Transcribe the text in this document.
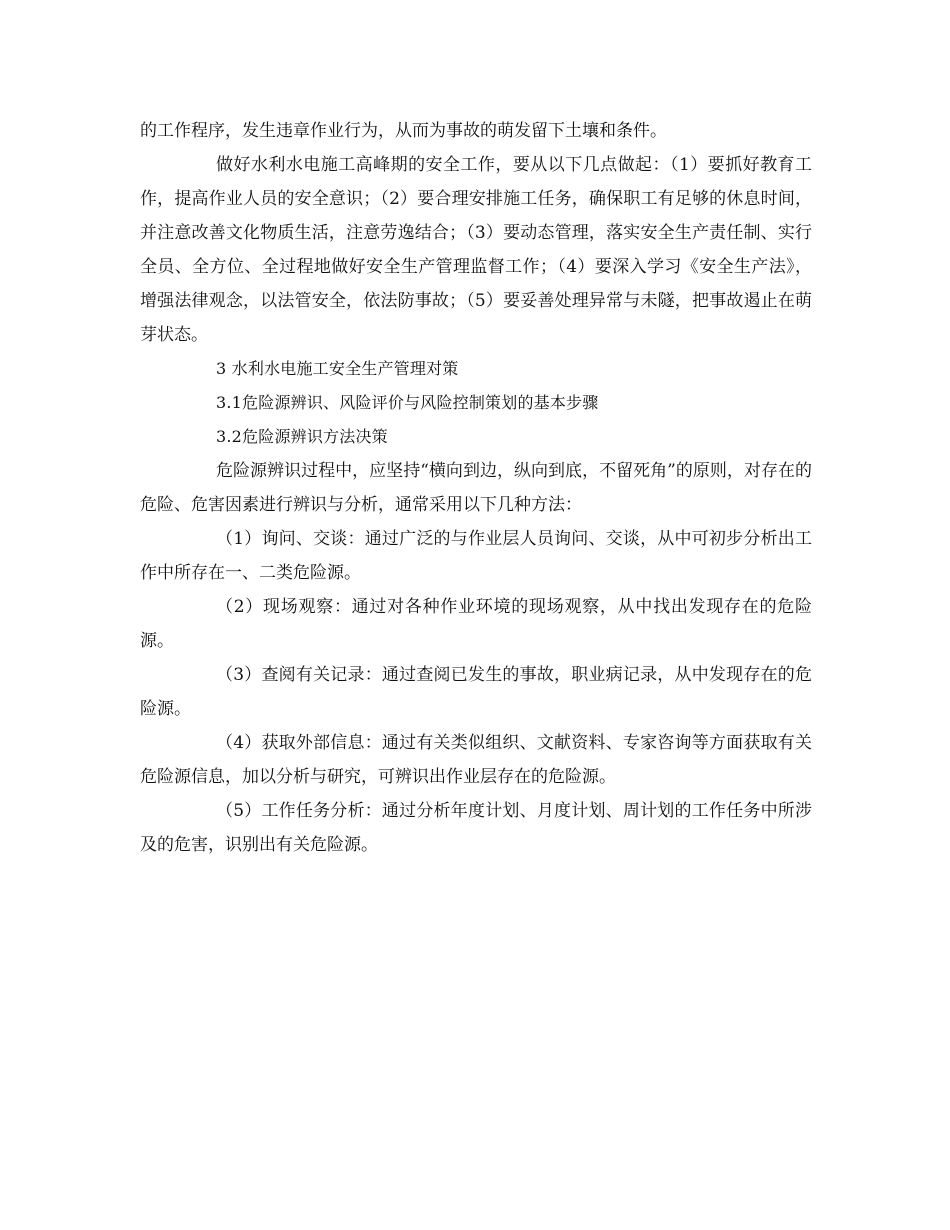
的工作程序，发生违章作业行为，从而为事故的萌发留下土壤和条件。

做好水利水电施工高峰期的安全工作，要从以下几点做起：（1）要抓好教育工作，提高作业人员的安全意识；（2）要合理安排施工任务，确保职工有足够的休息时间，并注意改善文化物质生活，注意劳逸结合；（3）要动态管理，落实安全生产责任制、实行全员、全方位、全过程地做好安全生产管理监督工作；（4）要深入学习《安全生产法》，增强法律观念，以法管安全，依法防事故；（5）要妥善处理异常与未隧，把事故遏止在萌芽状态。

3 水利水电施工安全生产管理对策

3.1危险源辨识、风险评价与风险控制策划的基本步骤

3.2危险源辨识方法决策

危险源辨识过程中，应坚持“横向到边，纵向到底，不留死角”的原则，对存在的危险、危害因素进行辨识与分析，通常采用以下几种方法：

（1）询问、交谈：通过广泛的与作业层人员询问、交谈，从中可初步分析出工作中所存在一、二类危险源。

（2）现场观察：通过对各种作业环境的现场观察，从中找出发现存在的危险源。

（3）查阅有关记录：通过查阅已发生的事故，职业病记录，从中发现存在的危险源。

（4）获取外部信息：通过有关类似组织、文献资料、专家咨询等方面获取有关危险源信息，加以分析与研究，可辨识出作业层存在的危险源。

（5）工作任务分析：通过分析年度计划、月度计划、周计划的工作任务中所涉及的危害，识别出有关危险源。
